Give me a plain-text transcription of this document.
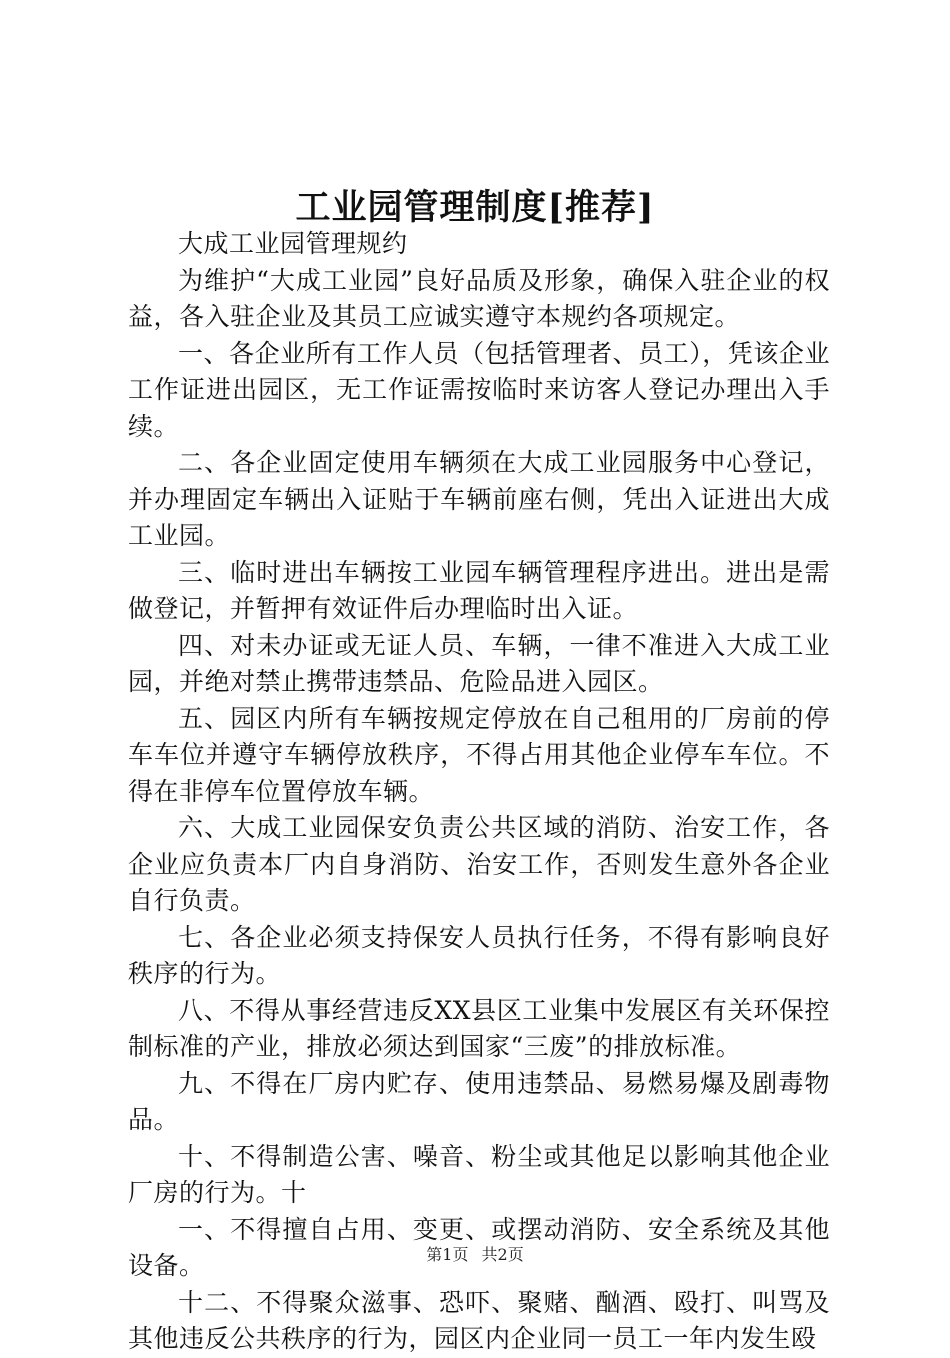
工业园管理制度[推荐]

大成工业园管理规约

为维护“大成工业园”良好品质及形象，确保入驻企业的权益，各入驻企业及其员工应诚实遵守本规约各项规定。

一、各企业所有工作人员（包括管理者、员工），凭该企业工作证进出园区，无工作证需按临时来访客人登记办理出入手续。

二、各企业固定使用车辆须在大成工业园服务中心登记，并办理固定车辆出入证贴于车辆前座右侧，凭出入证进出大成工业园。

三、临时进出车辆按工业园车辆管理程序进出。进出是需做登记，并暂押有效证件后办理临时出入证。

四、对未办证或无证人员、车辆，一律不准进入大成工业园，并绝对禁止携带违禁品、危险品进入园区。

五、园区内所有车辆按规定停放在自己租用的厂房前的停车车位并遵守车辆停放秩序，不得占用其他企业停车车位。不得在非停车位置停放车辆。

六、大成工业园保安负责公共区域的消防、治安工作，各企业应负责本厂内自身消防、治安工作，否则发生意外各企业自行负责。

七、各企业必须支持保安人员执行任务，不得有影响良好秩序的行为。

八、不得从事经营违反XX县区工业集中发展区有关环保控制标准的产业，排放必须达到国家“三废”的排放标准。

九、不得在厂房内贮存、使用违禁品、易燃易爆及剧毒物品。

十、不得制造公害、噪音、粉尘或其他足以影响其他企业厂房的行为。十

一、不得擅自占用、变更、或摆动消防、安全系统及其他设备。

十二、不得聚众滋事、恐吓、聚赌、酗酒、殴打、叫骂及其他违反公共秩序的行为，园区内企业同一员工一年内发生殴

第1页 共2页
